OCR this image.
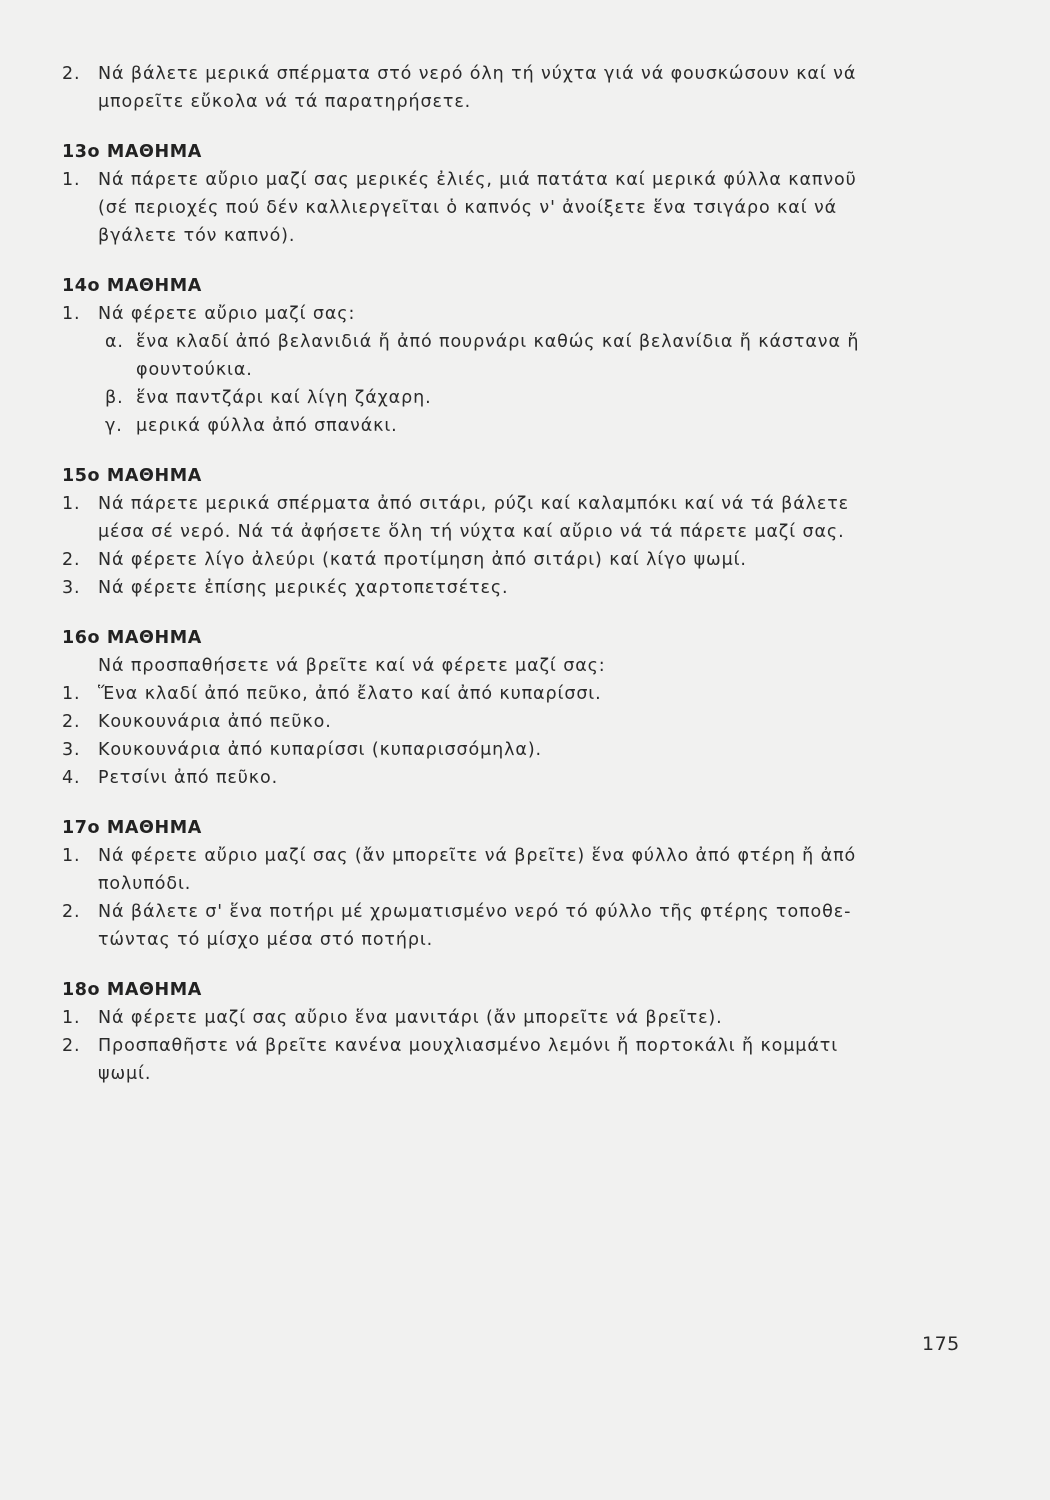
2.	Νά βάλετε μερικά σπέρματα στό νερό όλη τή νύχτα γιά νά φουσκώσουν καί νά
μπορεῖτε εὔκολα νά τά παρατηρήσετε.
13ο ΜΑΘΗΜΑ
1.	Νά πάρετε αὔριο μαζί σας μερικές ἐλιές, μιά πατάτα καί μερικά φύλλα καπνοῦ
(σέ περιοχές πού δέν καλλιεργεῖται ὁ καπνός ν' ἀνοίξετε ἕνα τσιγάρο καί νά
βγάλετε τόν καπνό).
14ο ΜΑΘΗΜΑ
1.	Νά φέρετε αὔριο μαζί σας:
α. ἕνα κλαδί ἀπό βελανιδιά ἤ ἀπό πουρνάρι καθώς καί βελανίδια ἤ κάστανα ἤ
φουντούκια.
β. ἕνα παντζάρι καί λίγη ζάχαρη.
γ. μερικά φύλλα ἀπό σπανάκι.
15ο ΜΑΘΗΜΑ
1.	Νά πάρετε μερικά σπέρματα ἀπό σιτάρι, ρύζι καί καλαμπόκι καί νά τά βάλετε
μέσα σέ νερό. Νά τά ἀφήσετε ὅλη τή νύχτα καί αὔριο νά τά πάρετε μαζί σας.
2.	Νά φέρετε λίγο ἀλεύρι (κατά προτίμηση ἀπό σιτάρι) καί λίγο ψωμί.
3.	Νά φέρετε ἐπίσης μερικές χαρτοπετσέτες.
16ο ΜΑΘΗΜΑ
Νά προσπαθήσετε νά βρεῖτε καί νά φέρετε μαζί σας:
1.	Ἕνα κλαδί ἀπό πεῦκο, ἀπό ἔλατο καί ἀπό κυπαρίσσι.
2.	Κουκουνάρια ἀπό πεῦκο.
3.	Κουκουνάρια ἀπό κυπαρίσσι (κυπαρισσόμηλα).
4.	Ρετσίνι ἀπό πεῦκο.
17ο ΜΑΘΗΜΑ
1.	Νά φέρετε αὔριο μαζί σας (ἄν μπορεῖτε νά βρεῖτε) ἕνα φύλλο ἀπό φτέρη ἤ ἀπό
πολυπόδι.
2.	Νά βάλετε σ' ἕνα ποτήρι μέ χρωματισμένο νερό τό φύλλο τῆς φτέρης τοποθε-
τώντας τό μίσχο μέσα στό ποτήρι.
18ο ΜΑΘΗΜΑ
1.	Νά φέρετε μαζί σας αὔριο ἕνα μανιτάρι (ἄν μπορεῖτε νά βρεῖτε).
2.	Προσπαθῆστε νά βρεῖτε κανένα μουχλιασμένο λεμόνι ἤ πορτοκάλι ἤ κομμάτι
ψωμί.
175
